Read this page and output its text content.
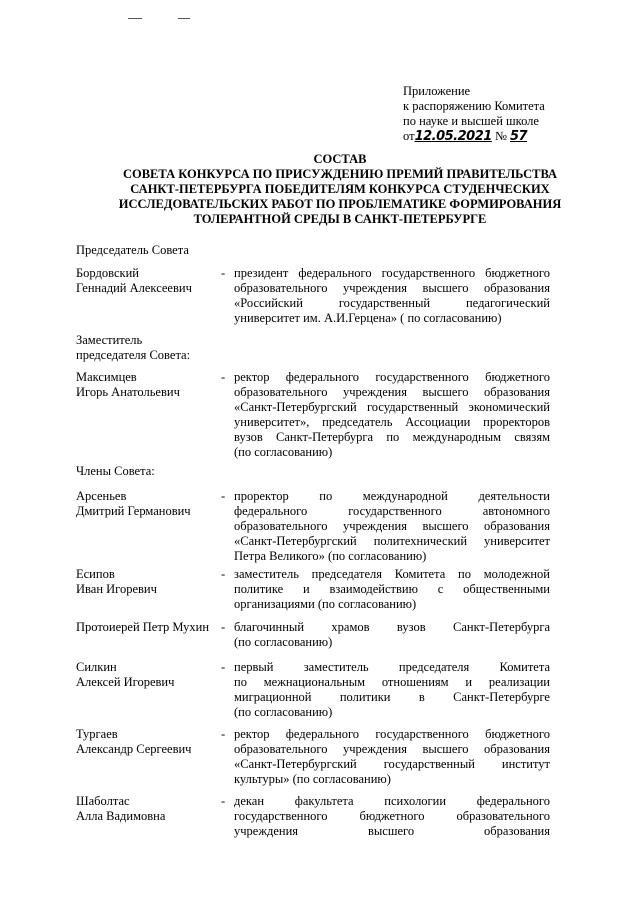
Приложение
к распоряжению Комитета
по науке и высшей школе
от12.05.2021 № 57
СОСТАВ
СОВЕТА КОНКУРСА ПО ПРИСУЖДЕНИЮ ПРЕМИЙ ПРАВИТЕЛЬСТВА
САНКТ-ПЕТЕРБУРГА ПОБЕДИТЕЛЯМ КОНКУРСА СТУДЕНЧЕСКИХ
ИССЛЕДОВАТЕЛЬСКИХ РАБОТ ПО ПРОБЛЕМАТИКЕ ФОРМИРОВАНИЯ
ТОЛЕРАНТНОЙ СРЕДЫ В САНКТ-ПЕТЕРБУРГЕ
Председатель Совета
Бордовский
Геннадий Алексеевич
- президент федерального государственного бюджетного
образовательного учреждения высшего образования
«Российский государственный педагогический
университет им. А.И.Герцена» ( по согласованию)
Заместитель
председателя Совета:
Максимцев
Игорь Анатольевич
- ректор федерального государственного бюджетного
образовательного учреждения высшего образования
«Санкт-Петербургский государственный экономический
университет», председатель Ассоциации проректоров
вузов Санкт-Петербурга по международным связям
(по согласованию)
Члены Совета:
Арсеньев
Дмитрий Германович
- проректор по международной деятельности
федерального государственного автономного
образовательного учреждения высшего образования
«Санкт-Петербургский политехнический университет
Петра Великого» (по согласованию)
Есипов
Иван Игоревич
- заместитель председателя Комитета по молодежной
политике и взаимодействию с общественными
организациями (по согласованию)
Протоиерей Петр Мухин - благочинный храмов вузов Санкт-Петербурга
(по согласованию)
Силкин
Алексей Игоревич
- первый заместитель председателя Комитета
по межнациональным отношениям и реализации
миграционной политики в Санкт-Петербурге
(по согласованию)
Тургаев
Александр Сергеевич
- ректор федерального государственного бюджетного
образовательного учреждения высшего образования
«Санкт-Петербургский государственный институт
культуры» (по согласованию)
Шаболтас
Алла Вадимовна
- декан факультета психологии федерального
государственного бюджетного образовательного
учреждения высшего образования
